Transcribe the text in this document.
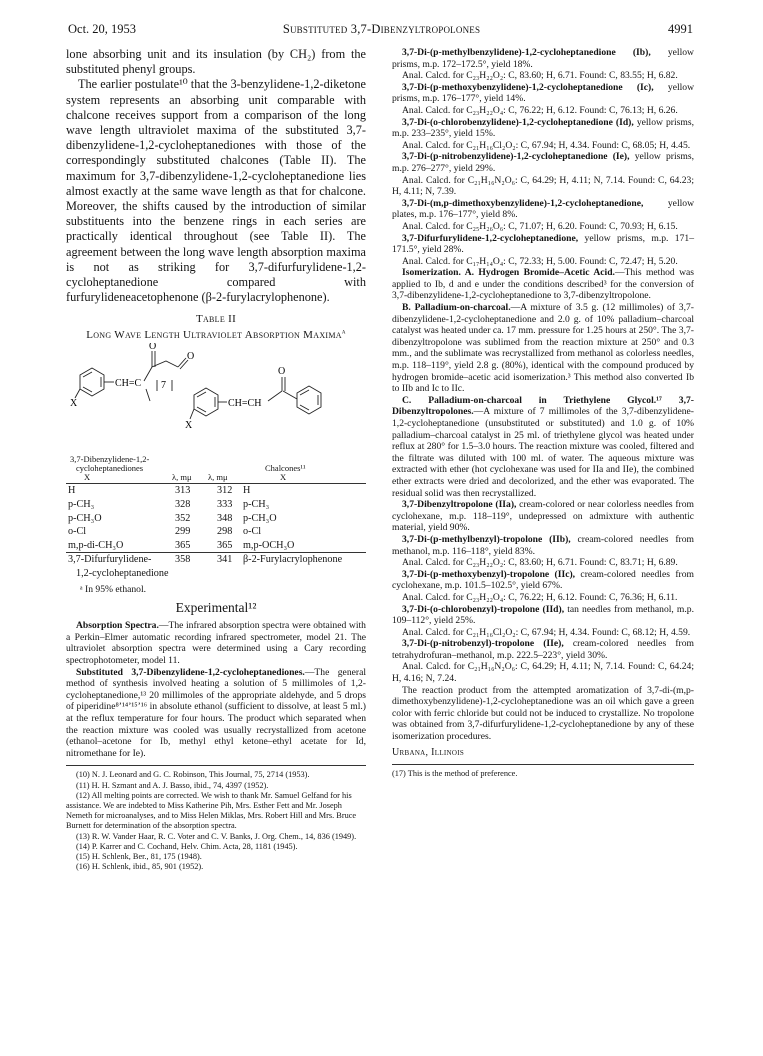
Oct. 20, 1953	Substituted 3,7-Dibenzyltropolones	4991

lone absorbing unit and its insulation (by CH₂) from the substituted phenyl groups.

The earlier postulate¹⁰ that the 3-benzylidene-1,2-diketone system represents an absorbing unit comparable with chalcone receives support from a comparison of the long wave length ultraviolet maxima of the substituted 3,7-dibenzylidene-1,2-cycloheptanediones with those of the correspondingly substituted chalcones (Table II). The maximum for 3,7-dibenzylidene-1,2-cycloheptanedione lies almost exactly at the same wave length as that for chalcone. Moreover, the shifts caused by the introduction of similar substituents into the benzene rings in each series are practically identical throughout (see Table II). The agreement between the long wave length absorption maxima is not as striking for 3,7-difurfurylidene-1,2-cycloheptanedione compared with furfurylideneacetophenone (β-2-furylacrylophenone).

Table II
Long Wave Length Ultraviolet Absorption Maxima$^a$
X
CH=C
O
O
7
X
CH=CH
O
3,7-Dibenzylidene-1,2-
cycloheptanediones
X	λ, mμ λ, mμ
Chalcones¹¹
X
H	313	312	H
p-CH₃	328	333	p-CH₃
p-CH₃O	352	348	p-CH₃O
o-Cl	299	298	o-Cl
m,p-di-CH₃O	365	365	m,p-OCH₃O
3,7-Difurfurylidene-	358	341	β-2-Furylacrylophenone
1,2-cycloheptanedione			
ᵃ In 95% ethanol.
Experimental¹²

Absorption Spectra.—The infrared absorption spectra were obtained with a Perkin–Elmer automatic recording infrared spectrometer, model 21. The ultraviolet absorption spectra were determined using a Cary recording spectrophotometer, model 11.

Substituted 3,7-Dibenzylidene-1,2-cycloheptanediones.—The general method of synthesis involved heating a solution of 5 millimoles of 1,2-cycloheptanedione,¹³ 20 millimoles of the appropriate aldehyde, and 5 drops of piperidine⁸ʼ¹⁴ʼ¹⁵ʼ¹⁶ in absolute ethanol (sufficient to dissolve, at least 5 ml.) at the reflux temperature for four hours. The product which separated when the reaction mixture was cooled was usually recrystallized from acetone (ethanol–acetone for Ib, methyl ethyl ketone–ethyl acetate for Id, nitromethane for Ie).

(10) N. J. Leonard and G. C. Robinson, This Journal, 75, 2714 (1953).

(11) H. H. Szmant and A. J. Basso, ibid., 74, 4397 (1952).

(12) All melting points are corrected. We wish to thank Mr. Samuel Gelfand for his assistance. We are indebted to Miss Katherine Pih, Mrs. Esther Fett and Mr. Joseph Nemeth for microanalyses, and to Miss Helen Miklas, Mrs. Robert Hill and Mrs. Bruce Burnett for determination of the absorption spectra.

(13) R. W. Vander Haar, R. C. Voter and C. V. Banks, J. Org. Chem., 14, 836 (1949).

(14) P. Karrer and C. Cochand, Helv. Chim. Acta, 28, 1181 (1945).

(15) H. Schlenk, Ber., 81, 175 (1948).

(16) H. Schlenk, ibid., 85, 901 (1952).

3,7-Di-(p-methylbenzylidene)-1,2-cycloheptanedione (Ib), yellow prisms, m.p. 172–172.5°, yield 18%.

Anal. Calcd. for C₂₃H₂₂O₂: C, 83.60; H, 6.71. Found: C, 83.55; H, 6.82.

3,7-Di-(p-methoxybenzylidene)-1,2-cycloheptanedione (Ic), yellow prisms, m.p. 176–177°, yield 14%.

Anal. Calcd. for C₂₃H₂₂O₄: C, 76.22; H, 6.12. Found: C, 76.13; H, 6.26.

3,7-Di-(o-chlorobenzylidene)-1,2-cycloheptanedione (Id), yellow prisms, m.p. 233–235°, yield 15%.

Anal. Calcd. for C₂₁H₁₆Cl₂O₂: C, 67.94; H, 4.34. Found: C, 68.05; H, 4.45.

3,7-Di-(p-nitrobenzylidene)-1,2-cycloheptanedione (Ie), yellow prisms, m.p. 276–277°, yield 29%.

Anal. Calcd. for C₂₁H₁₆N₂O₆: C, 64.29; H, 4.11; N, 7.14. Found: C, 64.23; H, 4.11; N, 7.39.

3,7-Di-(m,p-dimethoxybenzylidene)-1,2-cycloheptanedione, yellow plates, m.p. 176–177°, yield 8%.

Anal. Calcd. for C₂₅H₂₆O₆: C, 71.07; H, 6.20. Found: C, 70.93; H, 6.15.

3,7-Difurfurylidene-1,2-cycloheptanedione, yellow prisms, m.p. 171–171.5°, yield 28%.

Anal. Calcd. for C₁₇H₁₄O₄: C, 72.33; H, 5.00. Found: C, 72.47; H, 5.20.

Isomerization. A. Hydrogen Bromide–Acetic Acid.—This method was applied to Ib, d and e under the conditions described³ for the conversion of 3,7-dibenzylidene-1,2-cycloheptanedione to 3,7-dibenzyltropolone.

B. Palladium-on-charcoal.—A mixture of 3.5 g. (12 millimoles) of 3,7-dibenzylidene-1,2-cycloheptanedione and 2.0 g. of 10% palladium–charcoal catalyst was heated under ca. 17 mm. pressure for 1.25 hours at 250°. The 3,7-dibenzyltropolone was sublimed from the reaction mixture at 250° and 0.3 mm., and the sublimate was recrystallized from methanol as colorless needles, m.p. 118–119°, yield 2.8 g. (80%), identical with the compound produced by hydrogen bromide–acetic acid isomerization.³ This method also converted Ib to IIb and Ic to IIc.

C. Palladium-on-charcoal in Triethylene Glycol.¹⁷ 3,7-Dibenzyltropolones.—A mixture of 7 millimoles of the 3,7-dibenzylidene-1,2-cycloheptanedione (unsubstituted or substituted) and 1.0 g. of 10% palladium–charcoal catalyst in 25 ml. of triethylene glycol was heated under reflux at 280° for 1.5–3.0 hours. The reaction mixture was cooled, filtered and the filtrate was diluted with 100 ml. of water. The aqueous mixture was extracted with ether (hot cyclohexane was used for IIa and IIe), the combined ether extracts were dried and decolorized, and the ether was evaporated. The residual solid was then recrystallized.

3,7-Dibenzyltropolone (IIa), cream-colored or near colorless needles from cyclohexane, m.p. 118–119°, undepressed on admixture with authentic material, yield 90%.

3,7-Di-(p-methylbenzyl)-tropolone (IIb), cream-colored needles from methanol, m.p. 116–118°, yield 83%.

Anal. Calcd. for C₂₃H₂₂O₂: C, 83.60; H, 6.71. Found: C, 83.71; H, 6.89.

3,7-Di-(p-methoxybenzyl)-tropolone (IIc), cream-colored needles from cyclohexane, m.p. 101.5–102.5°, yield 67%.

Anal. Calcd. for C₂₃H₂₂O₄: C, 76.22; H, 6.12. Found: C, 76.36; H, 6.11.

3,7-Di-(o-chlorobenzyl)-tropolone (IId), tan needles from methanol, m.p. 109–112°, yield 25%.

Anal. Calcd. for C₂₁H₁₆Cl₂O₂: C, 67.94; H, 4.34. Found: C, 68.12; H, 4.59.

3,7-Di-(p-nitrobenzyl)-tropolone (IIe), cream-colored needles from tetrahydrofuran–methanol, m.p. 222.5–223°, yield 30%.

Anal. Calcd. for C₂₁H₁₆N₂O₆: C, 64.29; H, 4.11; N, 7.14. Found: C, 64.24; H, 4.16; N, 7.24.

The reaction product from the attempted aromatization of 3,7-di-(m,p-dimethoxybenzylidene)-1,2-cycloheptanedione was an oil which gave a green color with ferric chloride but could not be induced to crystallize. No tropolone was obtained from 3,7-difurfurylidene-1,2-cycloheptanedione by any of these isomerization procedures.

Urbana, Illinois
(17) This is the method of preference.
